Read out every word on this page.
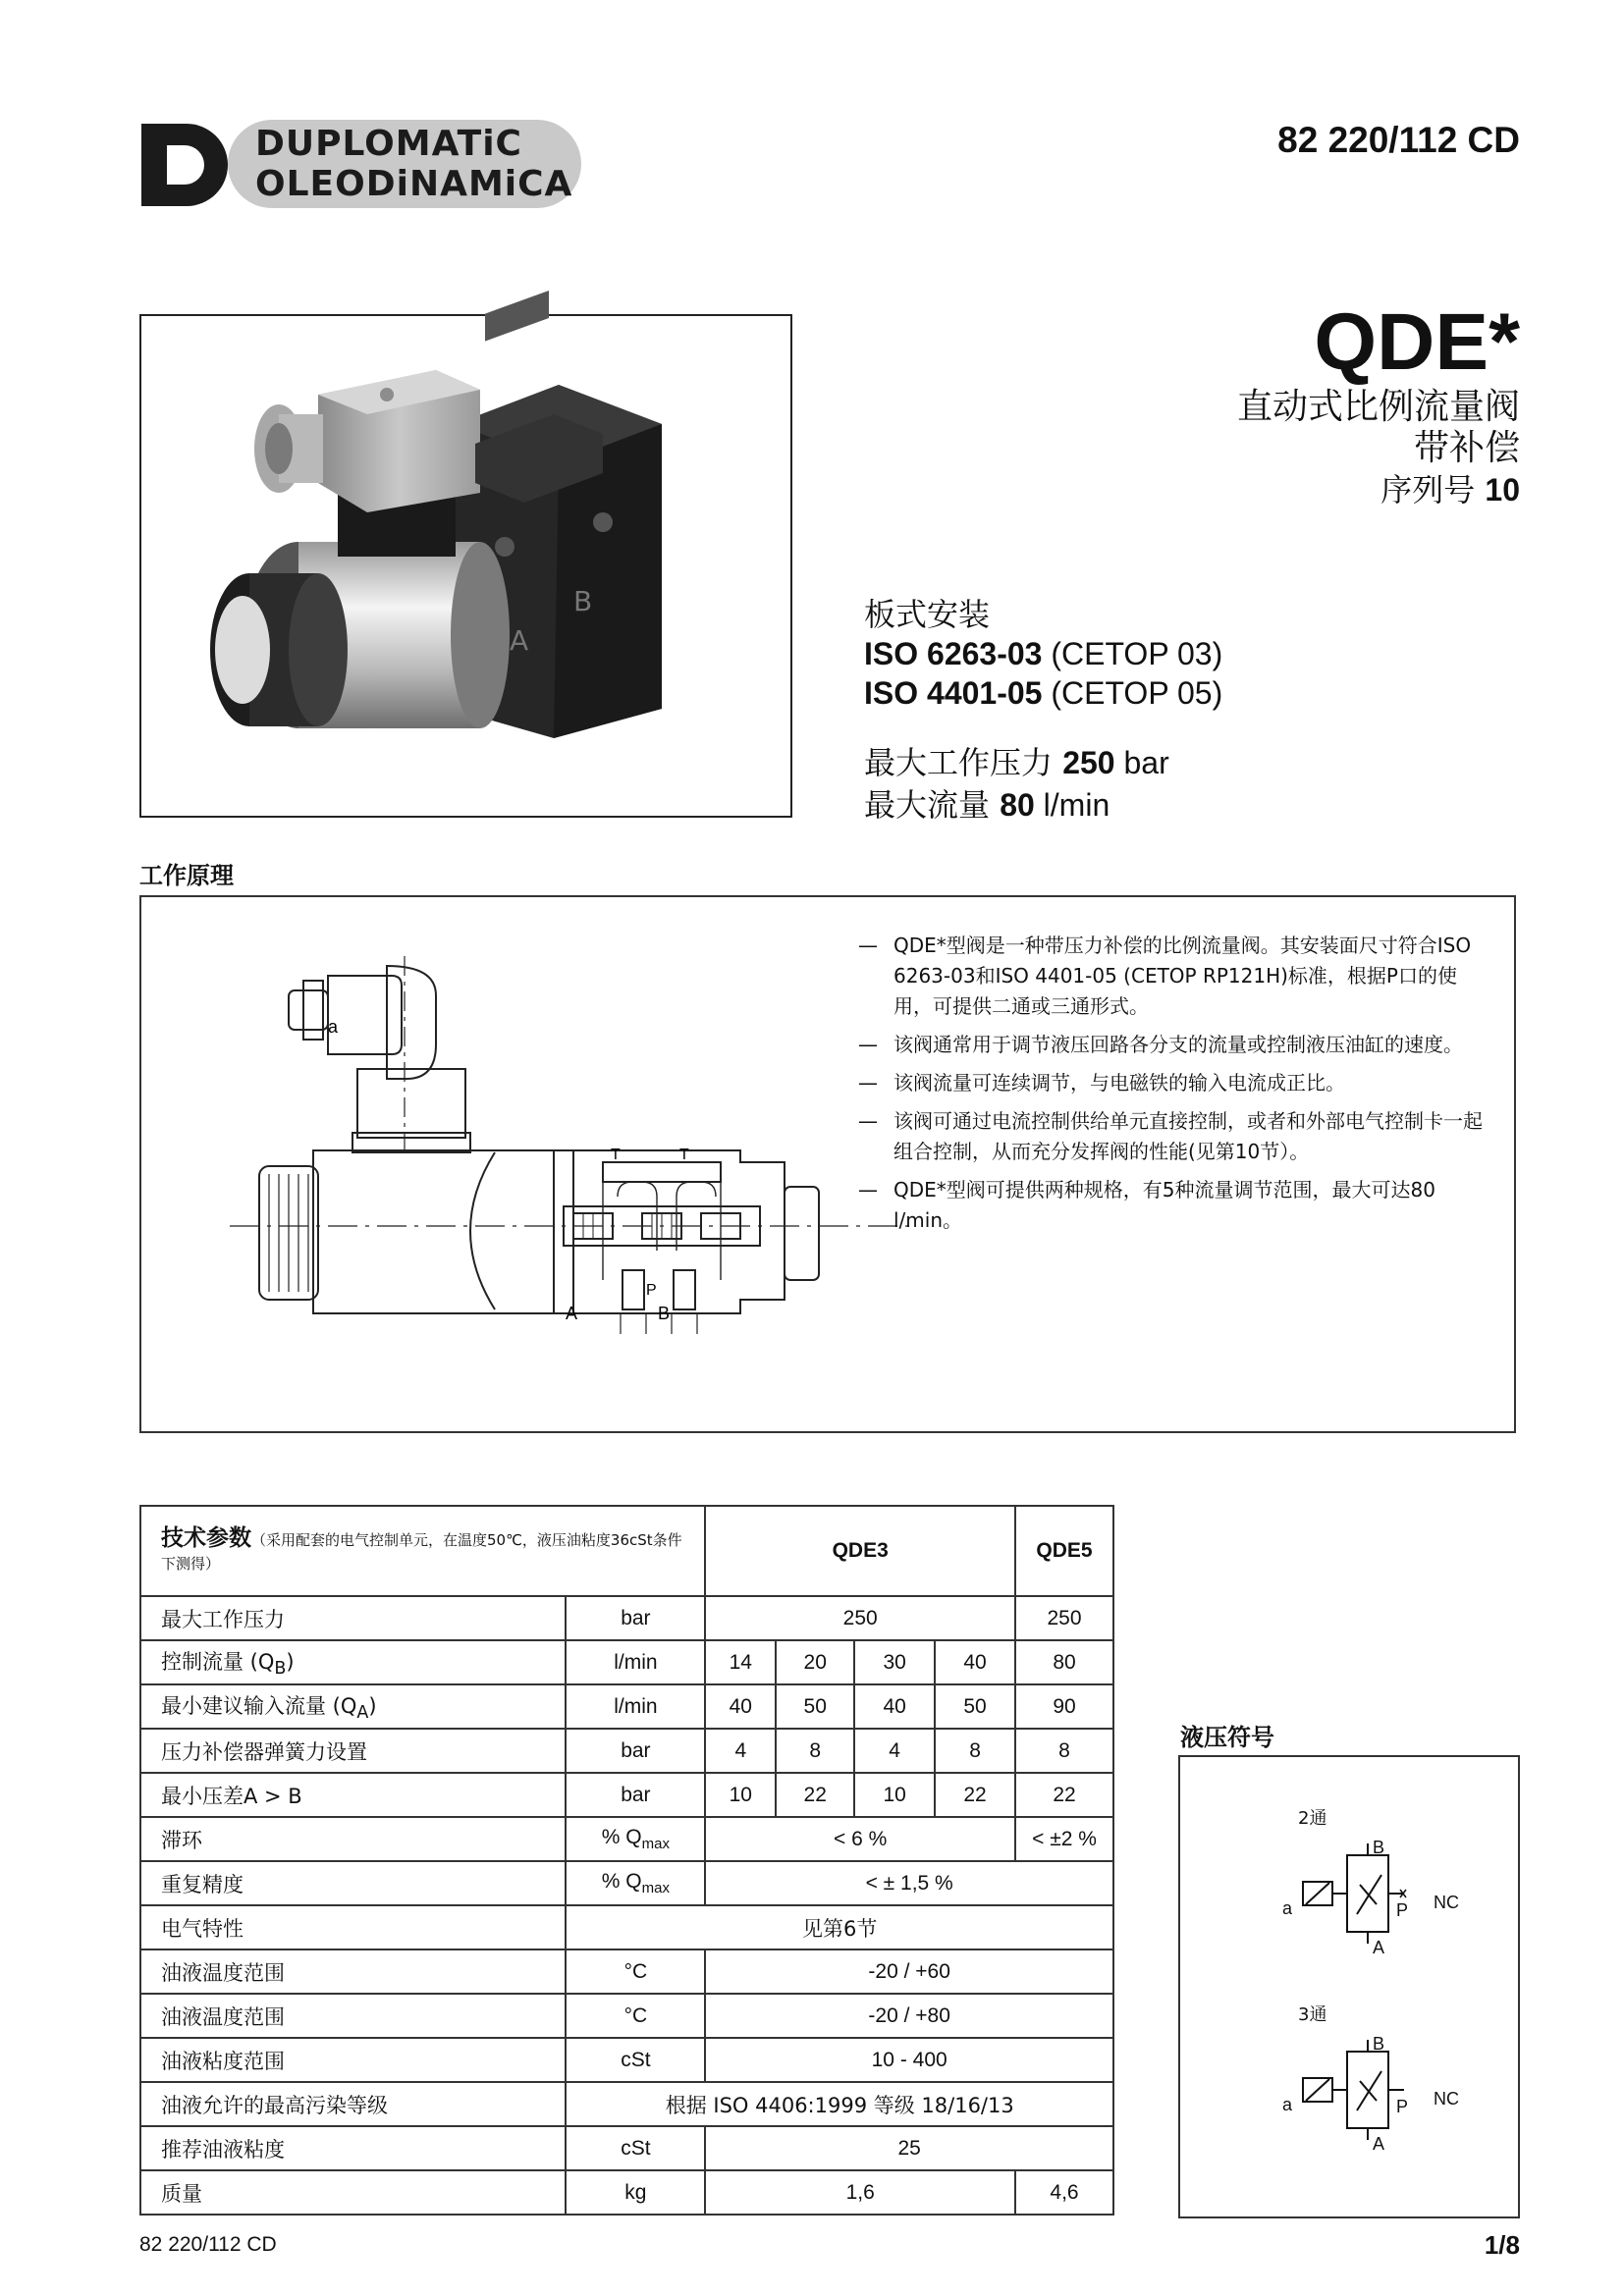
DUPLOMATiC
OLEODiNAMiCA
82 220/112 CD
B
A
QDE*
直动式比例流量阀
带补偿
序列号 10
板式安装
ISO 6263-03 (CETOP 03)
ISO 4401-05 (CETOP 05)
最大工作压力 250 bar
最大流量 80 l/min
工作原理
a
T	T
P
A	B
— QDE*型阀是一种带压力补偿的比例流量阀。其安装面尺寸符合ISO 6263-03和ISO 4401-05 (CETOP RP121H)标准，根据P口的使用，可提供二通或三通形式。
— 该阀通常用于调节液压回路各分支的流量或控制液压油缸的速度。
— 该阀流量可连续调节，与电磁铁的输入电流成正比。
— 该阀可通过电流控制供给单元直接控制，或者和外部电气控制卡一起组合控制，从而充分发挥阀的性能(见第10节）。
— QDE*型阀可提供两种规格，有5种流量调节范围，最大可达80 l/min。
技术参数（采用配套的电气控制单元，在温度50℃，液压油粘度36cSt条件下测得）		QDE3				QDE5
最大工作压力	bar	250				250
控制流量 $(Q_B)$	l/min	14	20	30	40	80
最小建议输入流量 $(Q_A)$	l/min	40	50	40	50	90
压力补偿器弹簧力设置	bar	4	8	4	8	8
最小压差A > B	bar	10	22	10	22	22
滞环	% $Q_{max}$	< 6 %				< ±2 %
重复精度	% $Q_{max}$	< ± 1,5 %				
电气特性	见第6节					
油液温度范围	°C	-20 / +60				
油液温度范围	°C	-20 / +80				
油液粘度范围	cSt	10 - 400				
油液允许的最高污染等级	根据 ISO 4406:1999 等级 18/16/13					
推荐油液粘度	cSt	25				
质量	kg	1,6				4,6
液压符号
2通
3通
B
A
P
a	NC
B
A
P
a	NC
82 220/112 CD	1/8
